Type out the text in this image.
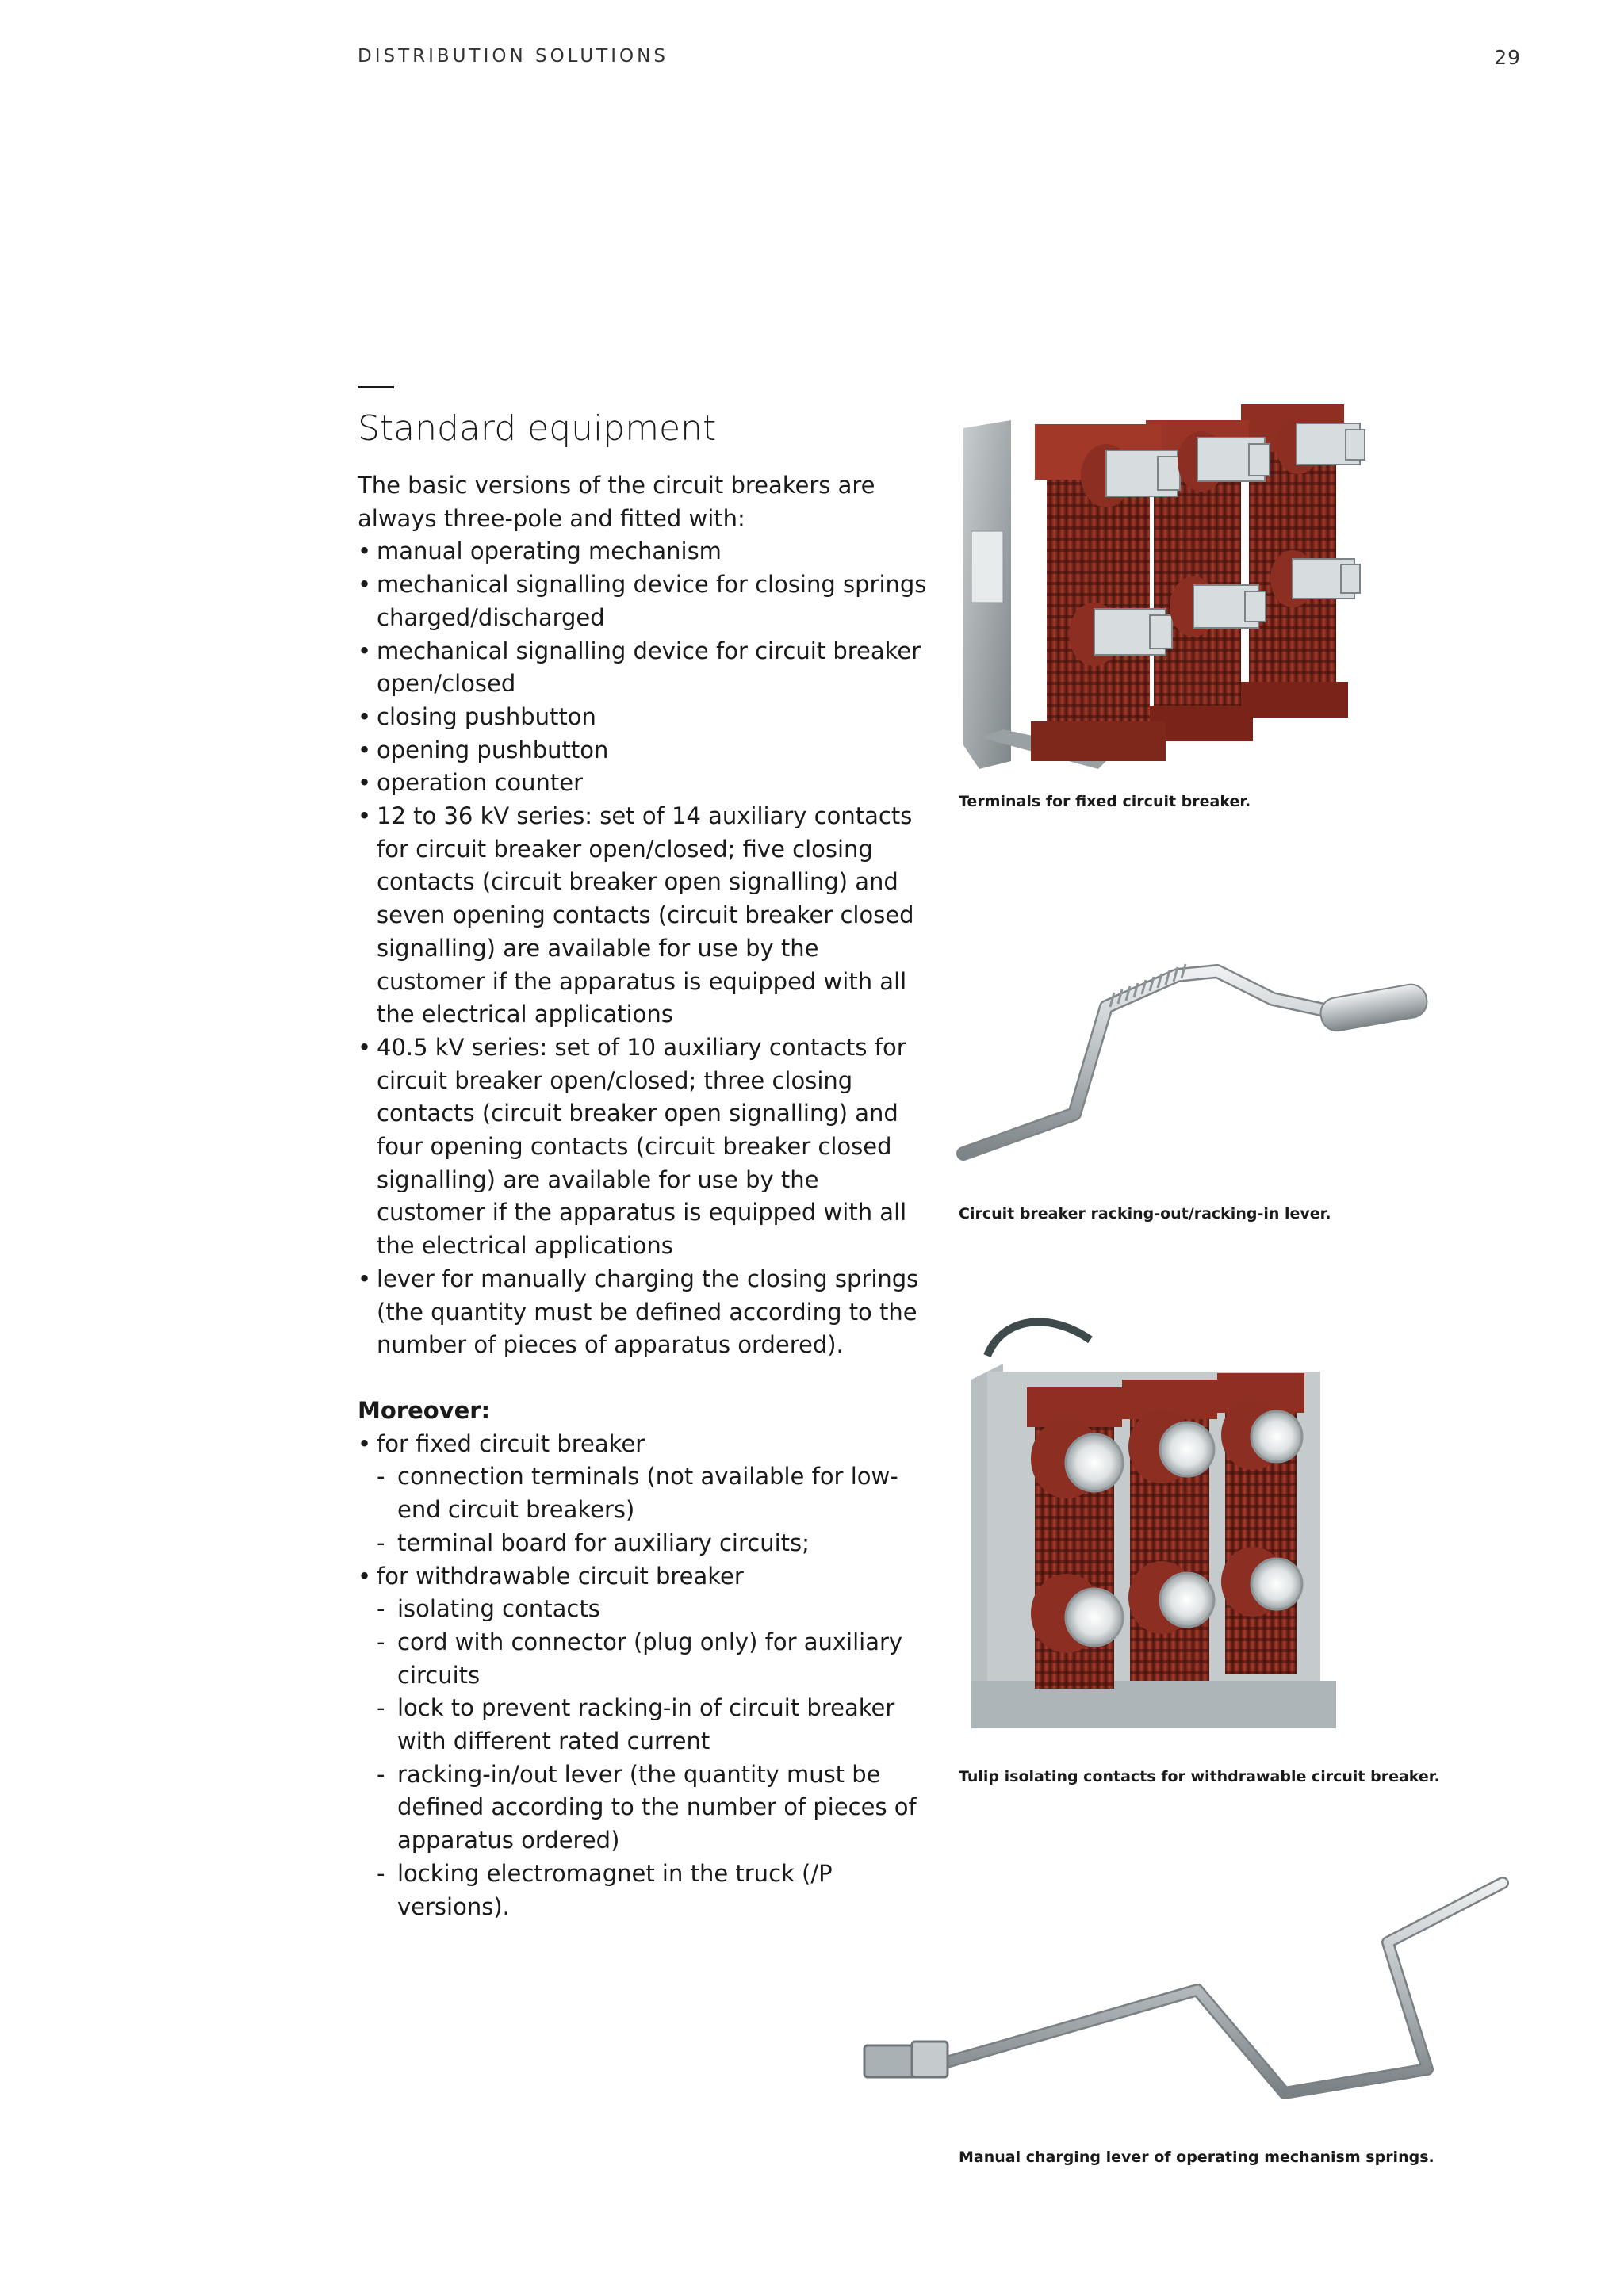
DISTRIBUTION SOLUTIONS	29
Standard equipment

The basic versions of the circuit breakers are always three-pole and fitted with:

• manual operating mechanism
• mechanical signalling device for closing springs charged/discharged
• mechanical signalling device for circuit breaker open/closed
• closing pushbutton
• opening pushbutton
• operation counter
• 12 to 36 kV series: set of 14 auxiliary contacts for circuit breaker open/closed; five closing contacts (circuit breaker open signalling) and seven opening contacts (circuit breaker closed signalling) are available for use by the customer if the apparatus is equipped with all the electrical applications
• 40.5 kV series: set of 10 auxiliary contacts for circuit breaker open/closed; three closing contacts (circuit breaker open signalling) and four opening contacts (circuit breaker closed signalling) are available for use by the customer if the apparatus is equipped with all the electrical applications
• lever for manually charging the closing springs (the quantity must be defined according to the number of pieces of apparatus ordered).

Moreover:

• for fixed circuit breaker
- connection terminals (not available for low-end circuit breakers)
- terminal board for auxiliary circuits;
• for withdrawable circuit breaker
- isolating contacts
- cord with connector (plug only) for auxiliary circuits
- lock to prevent racking-in of circuit breaker with different rated current
- racking-in/out lever (the quantity must be defined according to the number of pieces of apparatus ordered)
- locking electromagnet in the truck (/P versions).
Terminals for fixed circuit breaker.
Circuit breaker racking-out/racking-in lever.
Tulip isolating contacts for withdrawable circuit breaker.
Manual charging lever of operating mechanism springs.
